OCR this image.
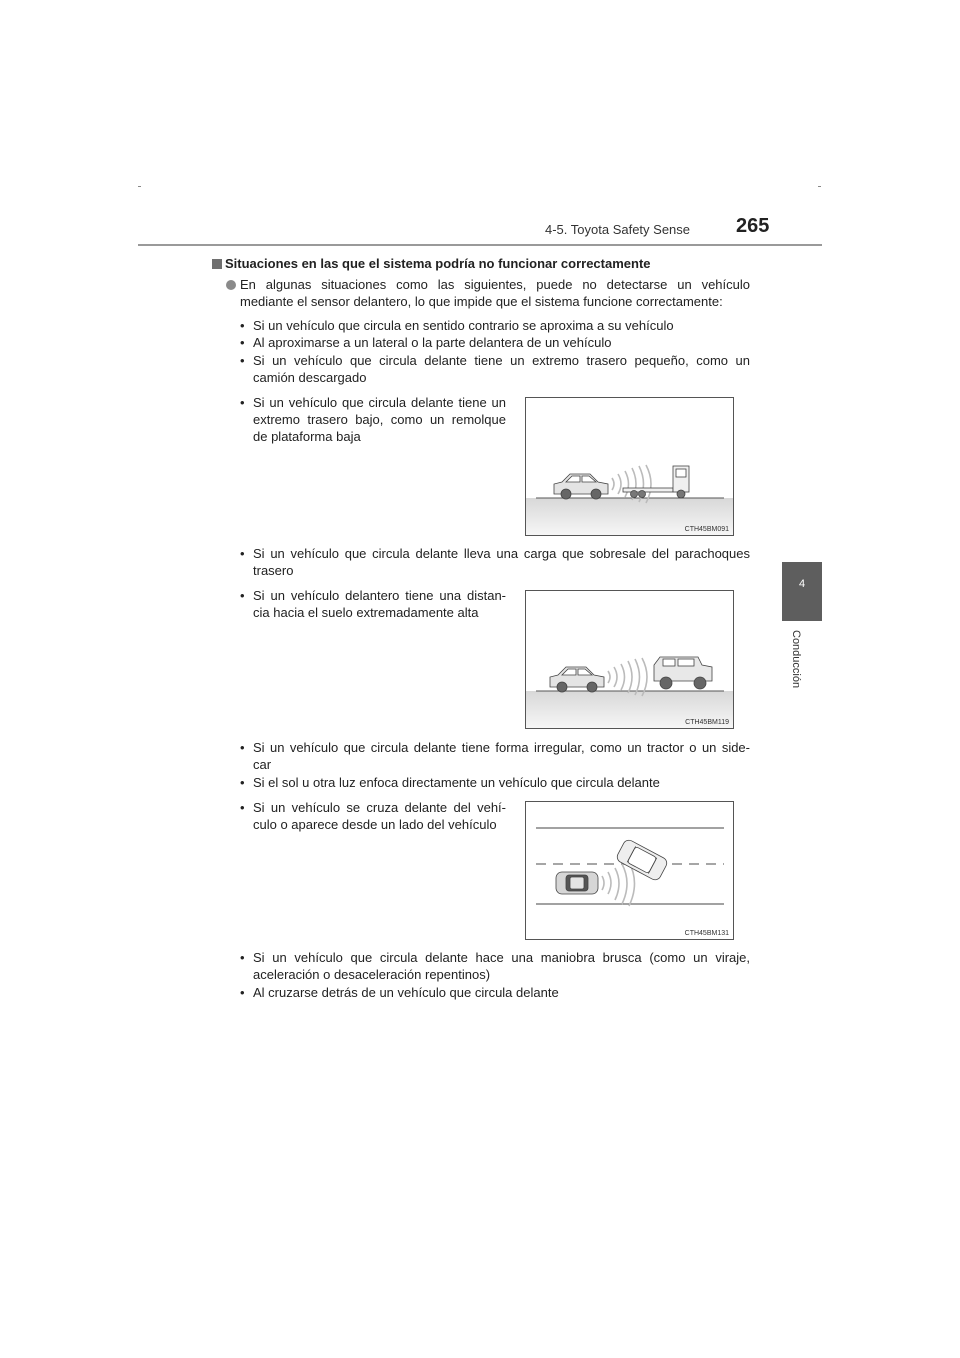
4-5. Toyota Safety Sense 265
4
Conducción
Situaciones en las que el sistema podría no funcionar correctamente
En algunas situaciones como las siguientes, puede no detectarse un vehículo
mediante el sensor delantero, lo que impide que el sistema funcione correctamente:
• Si un vehículo que circula en sentido contrario se aproxima a su vehículo
• Al aproximarse a un lateral o la parte delantera de un vehículo
• Si un vehículo que circula delante tiene un extremo trasero pequeño, como un
camión descargado
• Si un vehículo que circula delante tiene un
extremo trasero bajo, como un remolque
de plataforma baja
CTH45BM091
• Si un vehículo que circula delante lleva una carga que sobresale del parachoques
trasero
• Si un vehículo delantero tiene una distan-
cia hacia el suelo extremadamente alta
CTH45BM119
• Si un vehículo que circula delante tiene forma irregular, como un tractor o un side-
car
• Si el sol u otra luz enfoca directamente un vehículo que circula delante
• Si un vehículo se cruza delante del vehí-
culo o aparece desde un lado del vehículo
CTH45BM131
• Si un vehículo que circula delante hace una maniobra brusca (como un viraje,
aceleración o desaceleración repentinos)
• Al cruzarse detrás de un vehículo que circula delante
